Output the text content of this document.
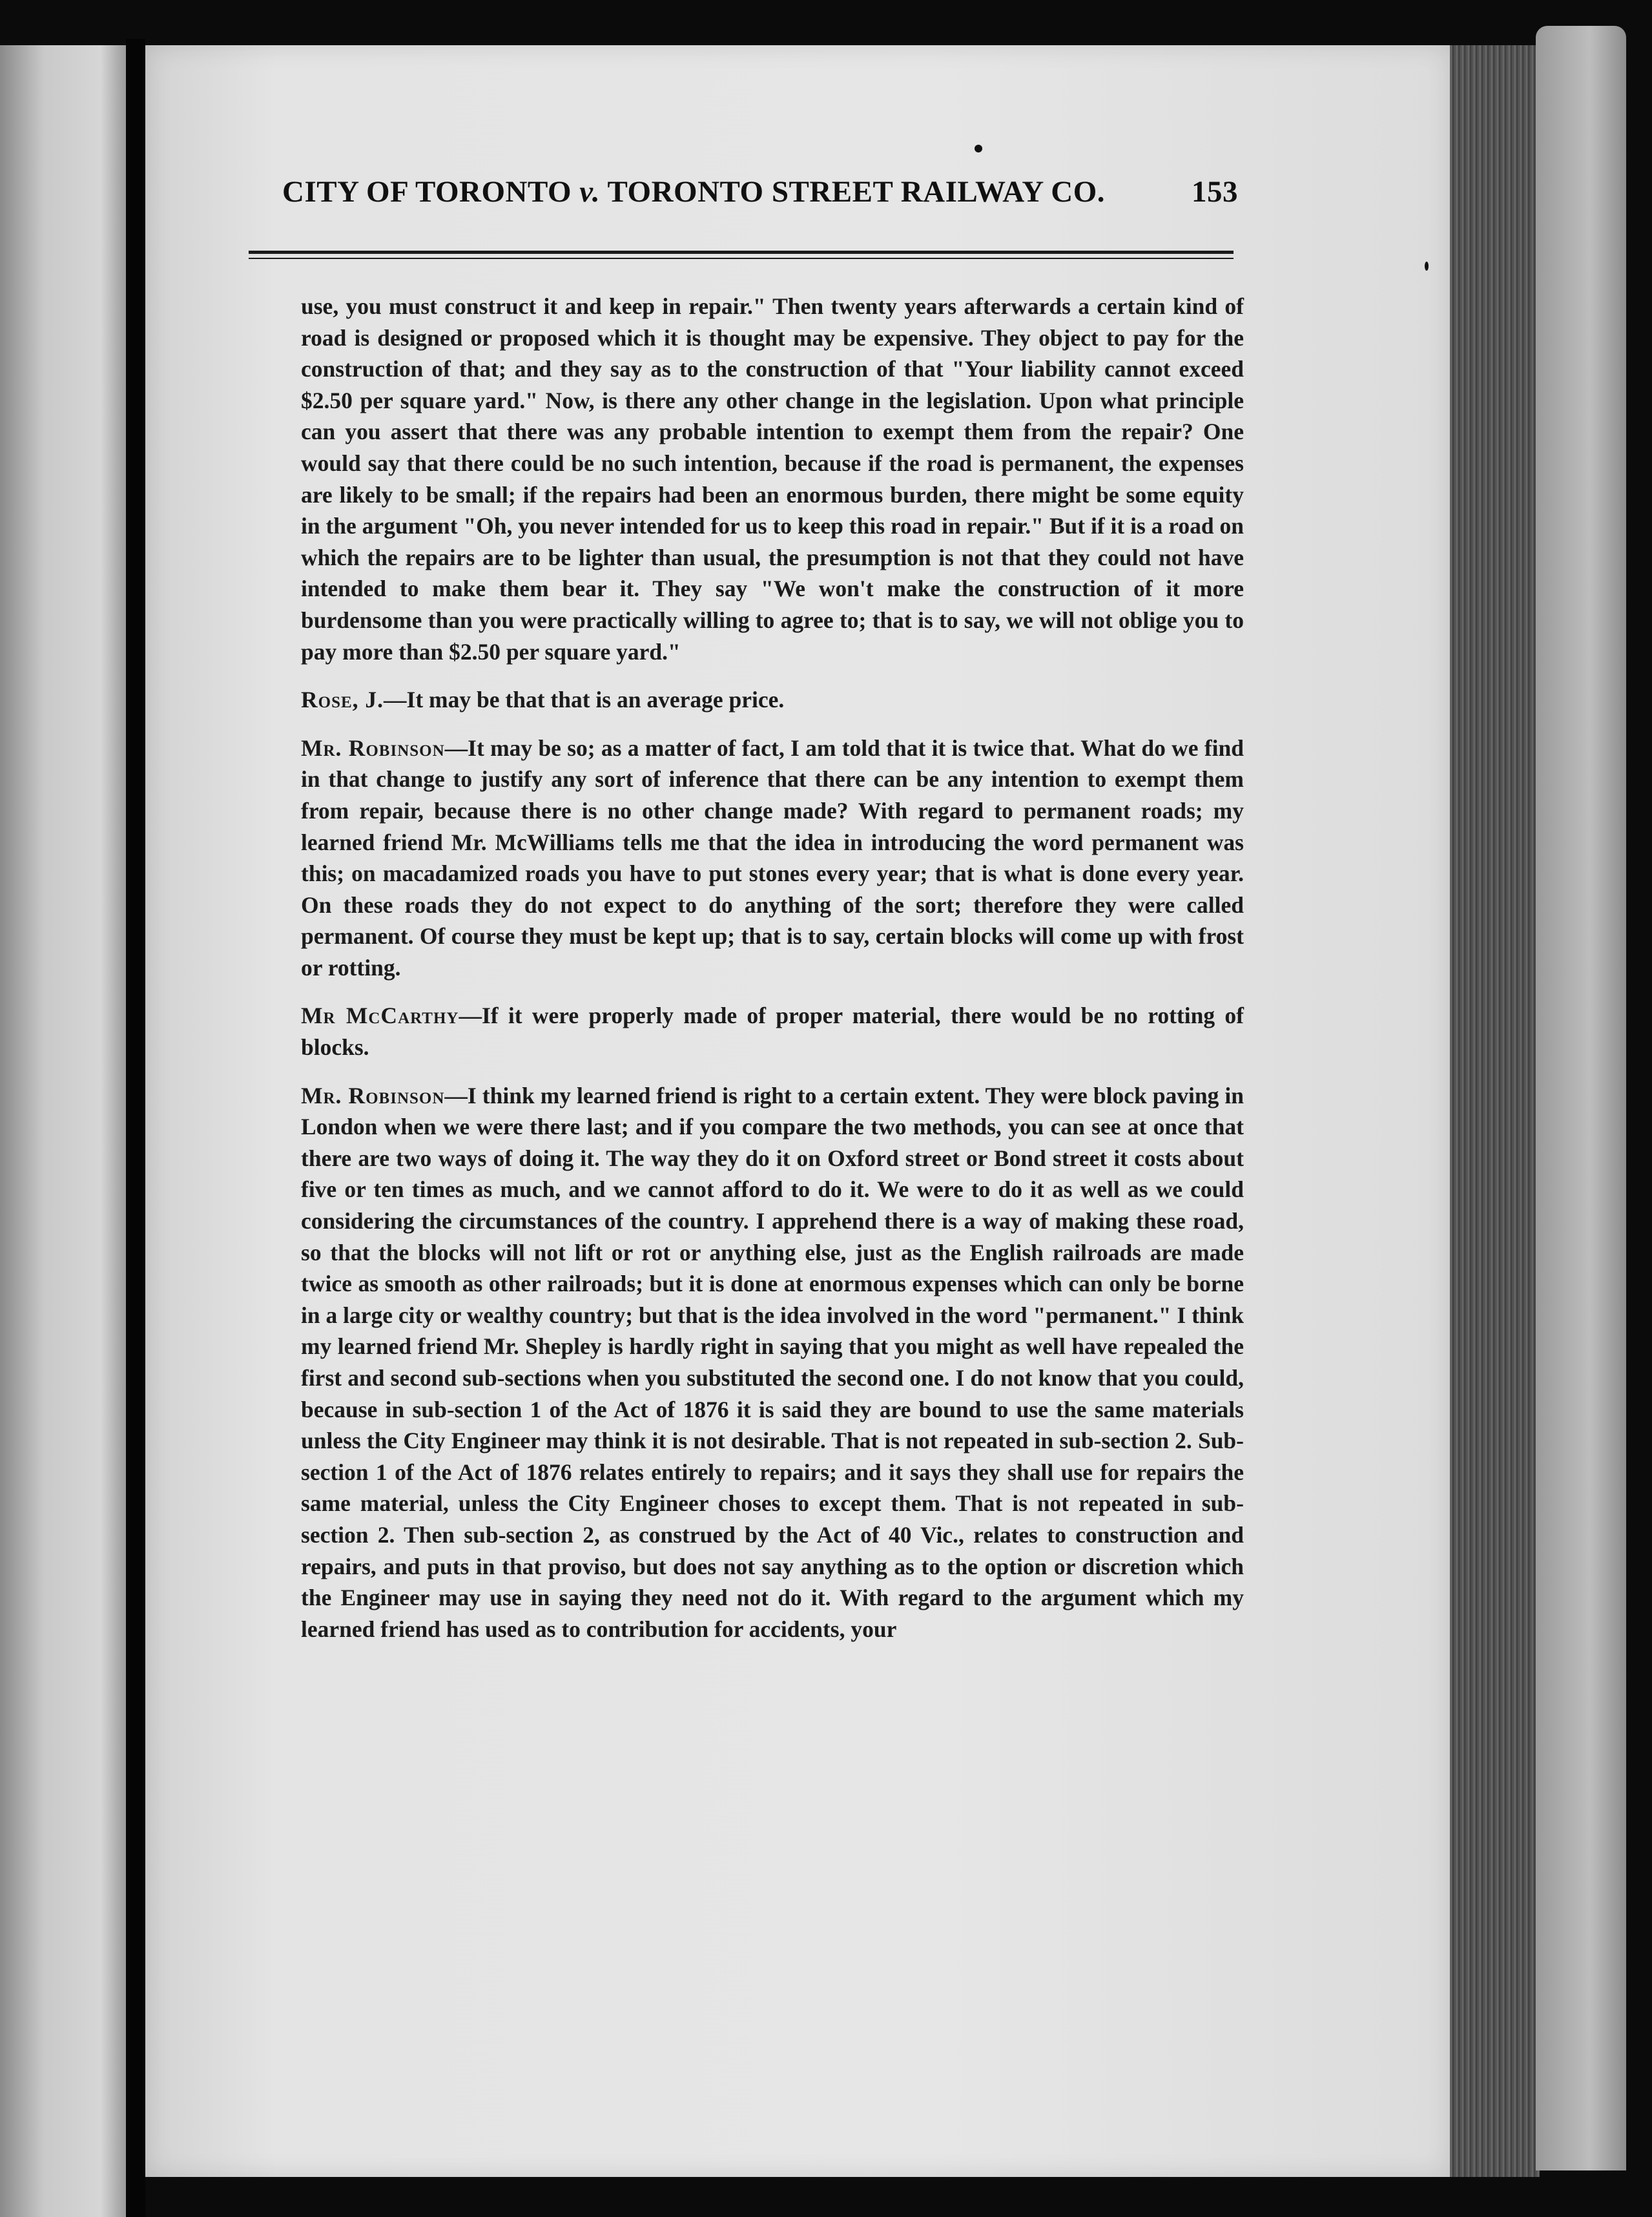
CITY OF TORONTO v. TORONTO STREET RAILWAY CO.	153

use, you must construct it and keep in repair." Then twenty years afterwards a certain kind of road is designed or proposed which it is thought may be expensive. They object to pay for the construction of that; and they say as to the construction of that "Your liability cannot exceed $2.50 per square yard." Now, is there any other change in the legislation. Upon what principle can you assert that there was any probable intention to exempt them from the repair? One would say that there could be no such intention, because if the road is permanent, the expenses are likely to be small; if the repairs had been an enormous burden, there might be some equity in the argument "Oh, you never intended for us to keep this road in repair." But if it is a road on which the repairs are to be lighter than usual, the presumption is not that they could not have intended to make them bear it. They say "We won't make the construction of it more burdensome than you were practically willing to agree to; that is to say, we will not oblige you to pay more than $2.50 per square yard."

Rose, J.—It may be that that is an average price.

Mr. Robinson—It may be so; as a matter of fact, I am told that it is twice that. What do we find in that change to justify any sort of inference that there can be any intention to exempt them from repair, because there is no other change made? With regard to permanent roads; my learned friend Mr. McWilliams tells me that the idea in introducing the word permanent was this; on macadamized roads you have to put stones every year; that is what is done every year. On these roads they do not expect to do anything of the sort; therefore they were called permanent. Of course they must be kept up; that is to say, certain blocks will come up with frost or rotting.

Mr McCarthy—If it were properly made of proper material, there would be no rotting of blocks.

Mr. Robinson—I think my learned friend is right to a certain extent. They were block paving in London when we were there last; and if you compare the two methods, you can see at once that there are two ways of doing it. The way they do it on Oxford street or Bond street it costs about five or ten times as much, and we cannot afford to do it. We were to do it as well as we could considering the circumstances of the country. I apprehend there is a way of making these road, so that the blocks will not lift or rot or anything else, just as the English railroads are made twice as smooth as other railroads; but it is done at enormous expenses which can only be borne in a large city or wealthy country; but that is the idea involved in the word "permanent." I think my learned friend Mr. Shepley is hardly right in saying that you might as well have repealed the first and second sub-sections when you substituted the second one. I do not know that you could, because in sub-section 1 of the Act of 1876 it is said they are bound to use the same materials unless the City Engineer may think it is not desirable. That is not repeated in sub-section 2. Sub-section 1 of the Act of 1876 relates entirely to repairs; and it says they shall use for repairs the same material, unless the City Engineer choses to except them. That is not repeated in sub-section 2. Then sub-section 2, as construed by the Act of 40 Vic., relates to construction and repairs, and puts in that proviso, but does not say anything as to the option or discretion which the Engineer may use in saying they need not do it. With regard to the argument which my learned friend has used as to contribution for accidents, your
